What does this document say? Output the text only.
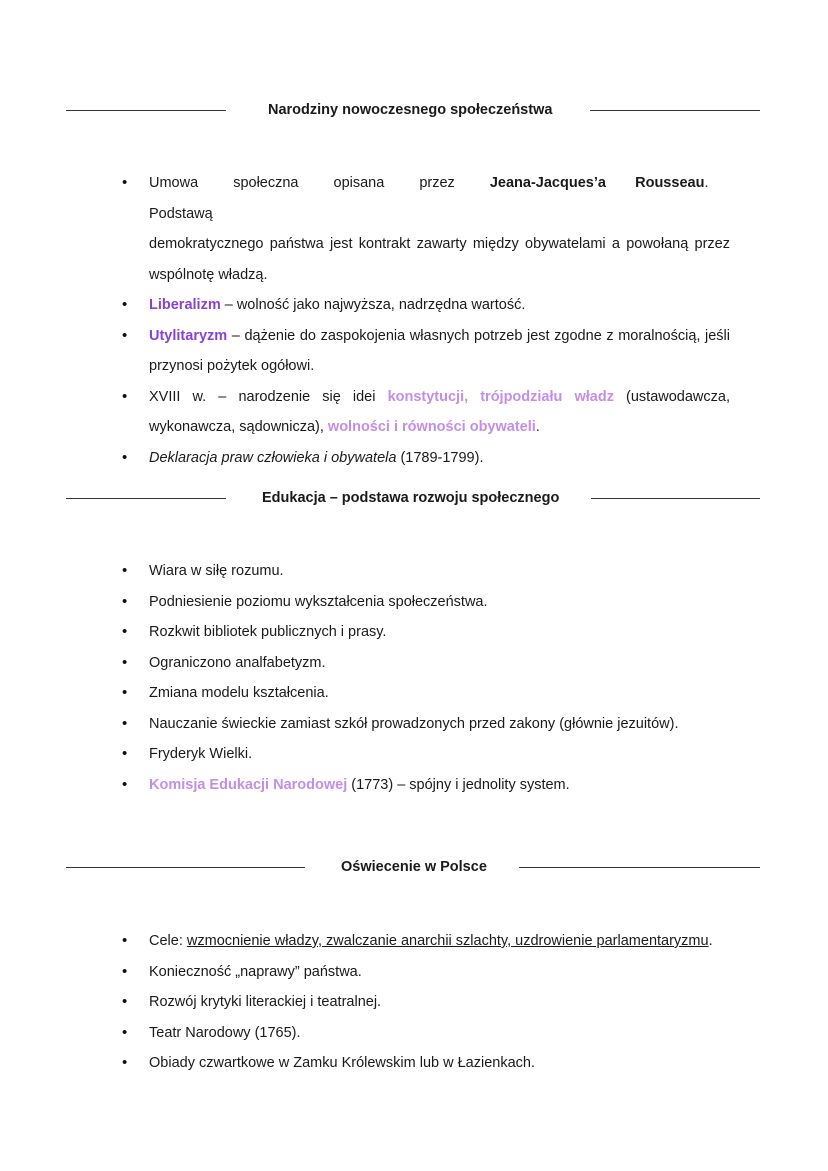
Narodziny nowoczesnego społeczeństwa
• Umowa społeczna opisana przez Jeana-Jacques’a Rousseau.     Podstawą
demokratycznego państwa jest kontrakt zawarty między obywatelami a powołaną przez wspólnotę władzą.
• Liberalizm – wolność jako najwyższa, nadrzędna wartość.
• Utylitaryzm – dążenie do zaspokojenia własnych potrzeb jest zgodne z moralnością, jeśli przynosi pożytek ogółowi.
• XVIII w. – narodzenie się idei konstytucji, trójpodziału władz (ustawodawcza, wykonawcza, sądownicza), wolności i równości obywateli.
• Deklaracja praw człowieka i obywatela (1789-1799).
Edukacja – podstawa rozwoju społecznego
• Wiara w siłę rozumu.
• Podniesienie poziomu wykształcenia społeczeństwa.
• Rozkwit bibliotek publicznych i prasy.
• Ograniczono analfabetyzm.
• Zmiana modelu kształcenia.
• Nauczanie świeckie zamiast szkół prowadzonych przed zakony (głównie jezuitów).
• Fryderyk Wielki.
• Komisja Edukacji Narodowej (1773) – spójny i jednolity system.
Oświecenie w Polsce
• Cele: wzmocnienie władzy, zwalczanie anarchii szlachty, uzdrowienie parlamentaryzmu.
• Konieczność „naprawy” państwa.
• Rozwój krytyki literackiej i teatralnej.
• Teatr Narodowy (1765).
• Obiady czwartkowe w Zamku Królewskim lub w Łazienkach.
